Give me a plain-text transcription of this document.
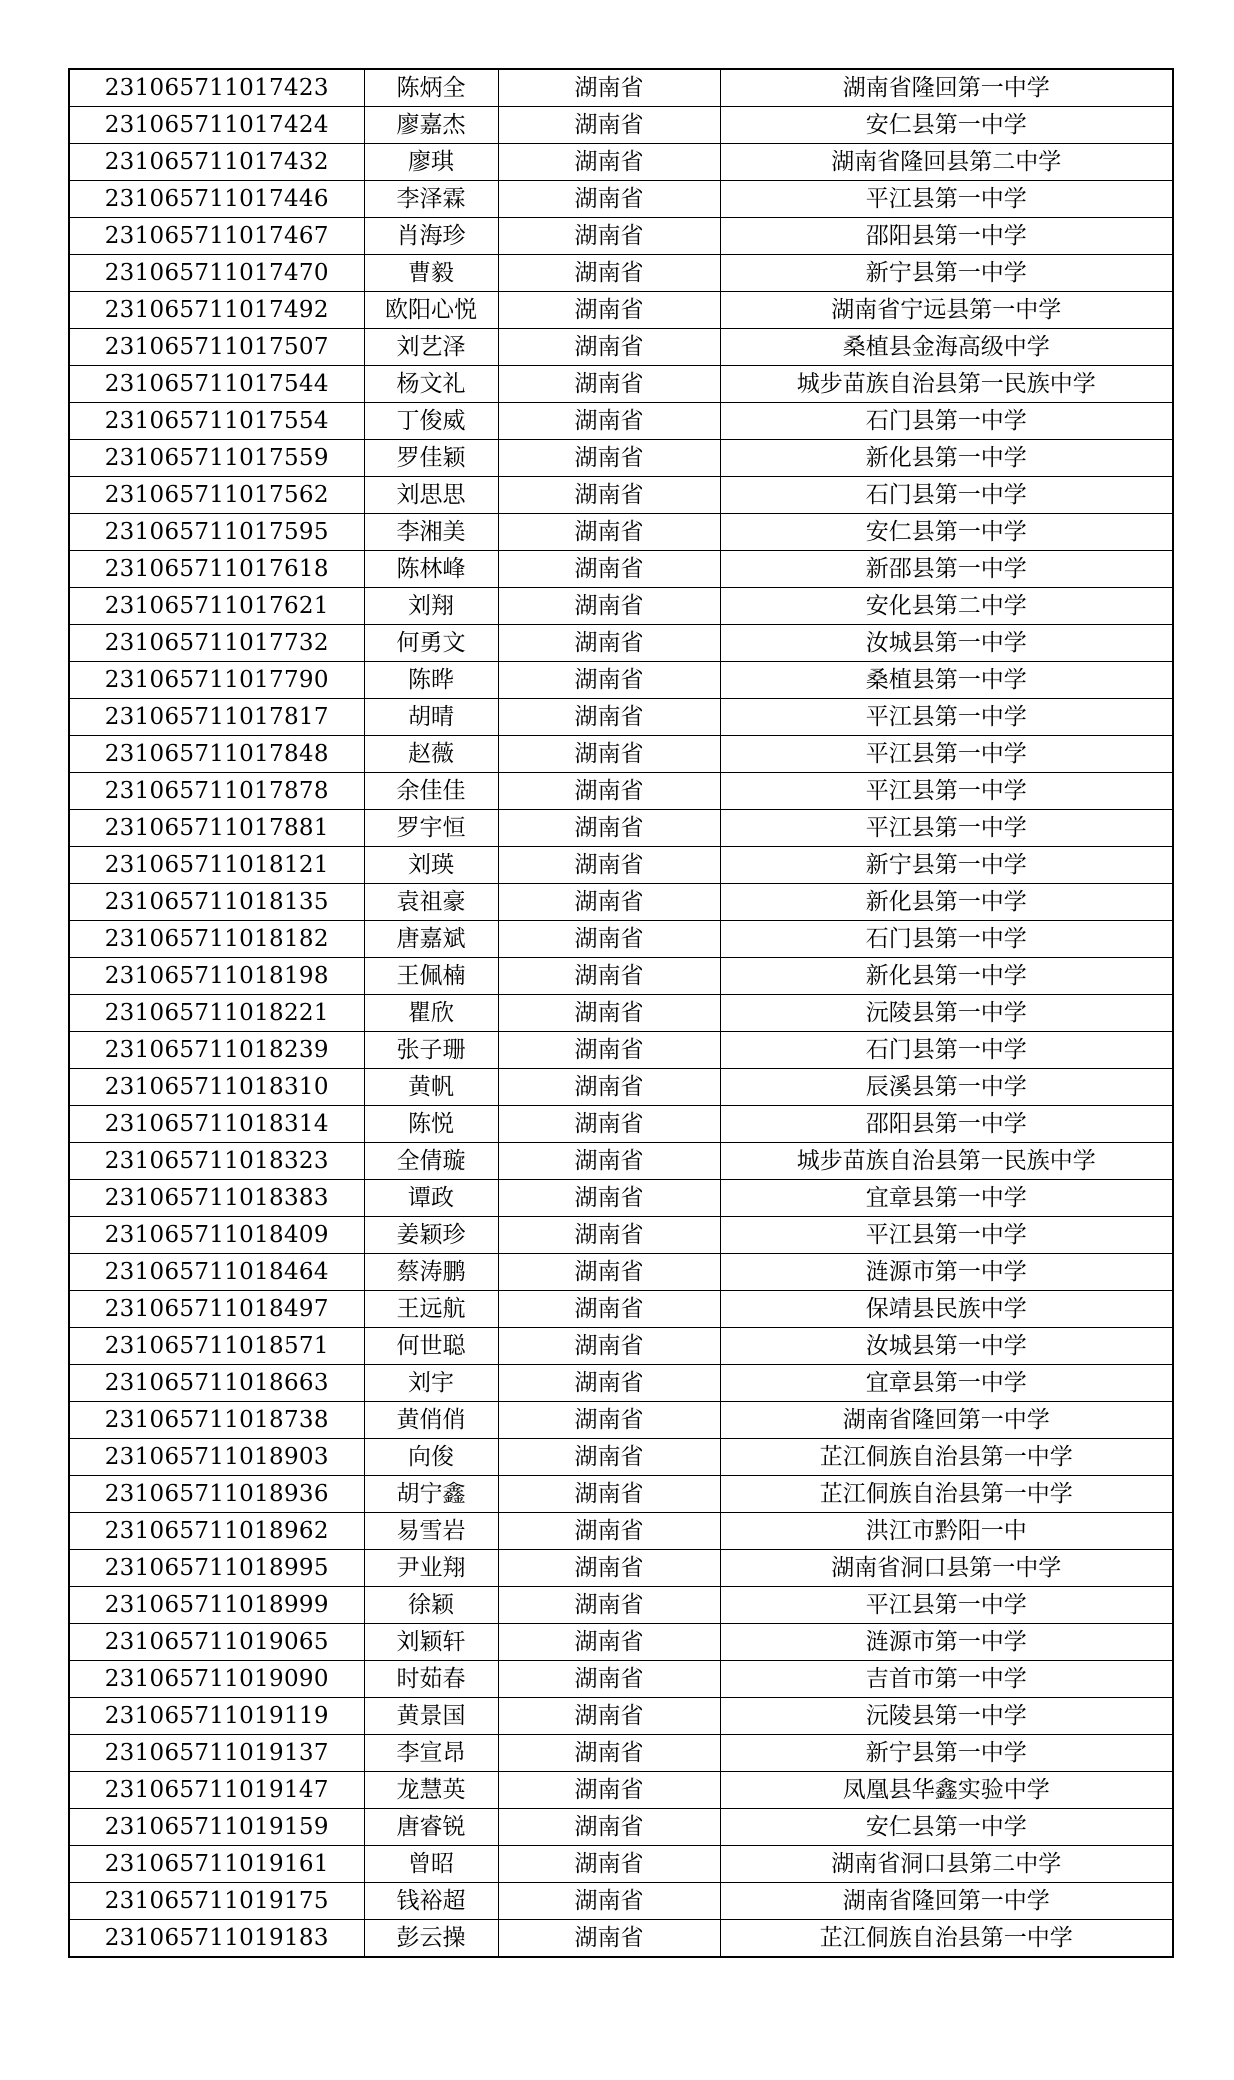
231065711017423	陈炳全	湖南省	湖南省隆回第一中学
231065711017424	廖嘉杰	湖南省	安仁县第一中学
231065711017432	廖琪	湖南省	湖南省隆回县第二中学
231065711017446	李泽霖	湖南省	平江县第一中学
231065711017467	肖海珍	湖南省	邵阳县第一中学
231065711017470	曹毅	湖南省	新宁县第一中学
231065711017492	欧阳心悦	湖南省	湖南省宁远县第一中学
231065711017507	刘艺泽	湖南省	桑植县金海高级中学
231065711017544	杨文礼	湖南省	城步苗族自治县第一民族中学
231065711017554	丁俊威	湖南省	石门县第一中学
231065711017559	罗佳颖	湖南省	新化县第一中学
231065711017562	刘思思	湖南省	石门县第一中学
231065711017595	李湘美	湖南省	安仁县第一中学
231065711017618	陈林峰	湖南省	新邵县第一中学
231065711017621	刘翔	湖南省	安化县第二中学
231065711017732	何勇文	湖南省	汝城县第一中学
231065711017790	陈晔	湖南省	桑植县第一中学
231065711017817	胡晴	湖南省	平江县第一中学
231065711017848	赵薇	湖南省	平江县第一中学
231065711017878	余佳佳	湖南省	平江县第一中学
231065711017881	罗宇恒	湖南省	平江县第一中学
231065711018121	刘瑛	湖南省	新宁县第一中学
231065711018135	袁祖豪	湖南省	新化县第一中学
231065711018182	唐嘉斌	湖南省	石门县第一中学
231065711018198	王佩楠	湖南省	新化县第一中学
231065711018221	瞿欣	湖南省	沅陵县第一中学
231065711018239	张子珊	湖南省	石门县第一中学
231065711018310	黄帆	湖南省	辰溪县第一中学
231065711018314	陈悦	湖南省	邵阳县第一中学
231065711018323	全倩璇	湖南省	城步苗族自治县第一民族中学
231065711018383	谭政	湖南省	宜章县第一中学
231065711018409	姜颖珍	湖南省	平江县第一中学
231065711018464	蔡涛鹏	湖南省	涟源市第一中学
231065711018497	王远航	湖南省	保靖县民族中学
231065711018571	何世聪	湖南省	汝城县第一中学
231065711018663	刘宇	湖南省	宜章县第一中学
231065711018738	黄俏俏	湖南省	湖南省隆回第一中学
231065711018903	向俊	湖南省	芷江侗族自治县第一中学
231065711018936	胡宁鑫	湖南省	芷江侗族自治县第一中学
231065711018962	易雪岩	湖南省	洪江市黔阳一中
231065711018995	尹业翔	湖南省	湖南省洞口县第一中学
231065711018999	徐颖	湖南省	平江县第一中学
231065711019065	刘颖轩	湖南省	涟源市第一中学
231065711019090	时茹春	湖南省	吉首市第一中学
231065711019119	黄景国	湖南省	沅陵县第一中学
231065711019137	李宣昂	湖南省	新宁县第一中学
231065711019147	龙慧英	湖南省	凤凰县华鑫实验中学
231065711019159	唐睿锐	湖南省	安仁县第一中学
231065711019161	曾昭	湖南省	湖南省洞口县第二中学
231065711019175	钱裕超	湖南省	湖南省隆回第一中学
231065711019183	彭云操	湖南省	芷江侗族自治县第一中学
